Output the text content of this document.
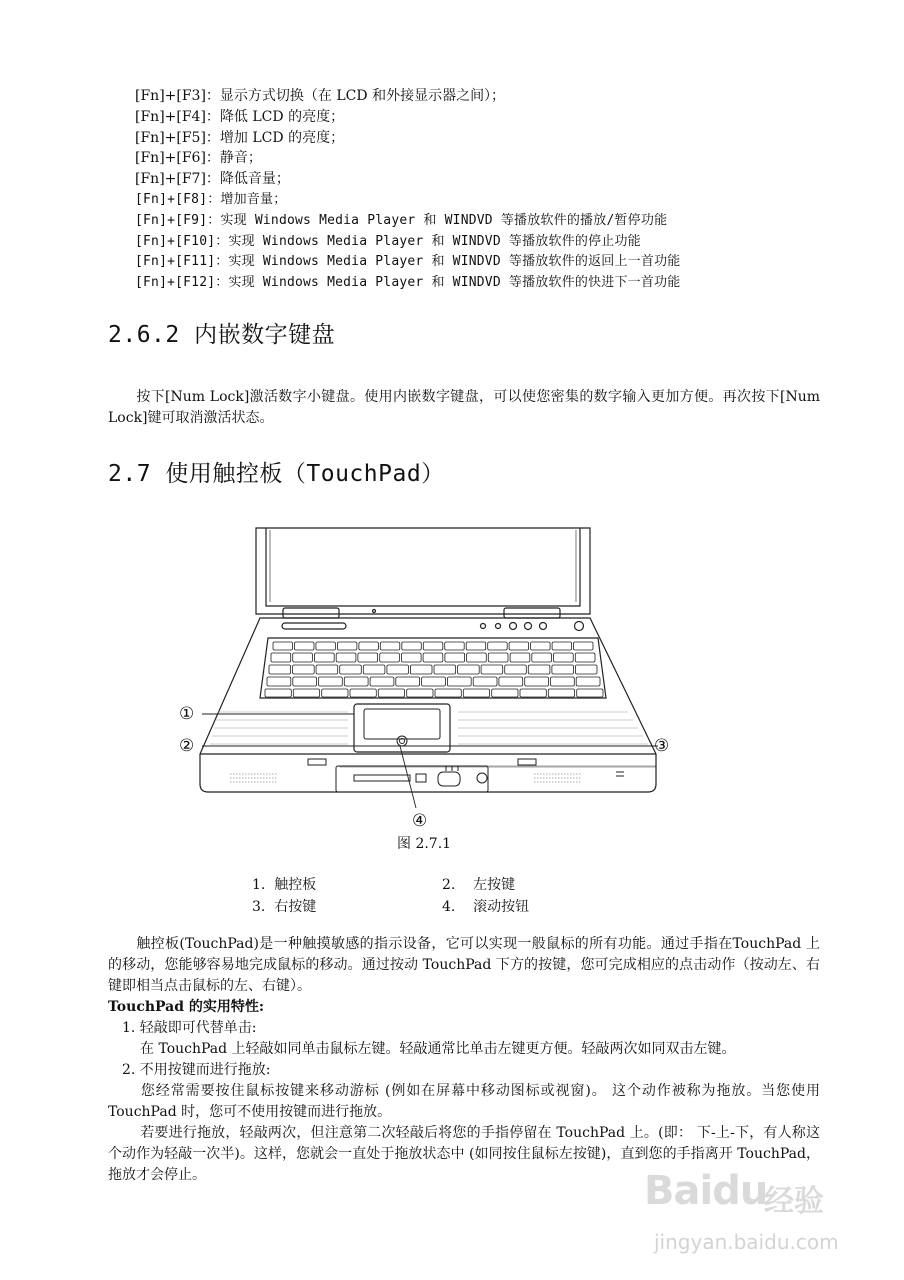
[Fn]+[F3]：显示方式切换（在 LCD 和外接显示器之间）；
[Fn]+[F4]：降低 LCD 的亮度；
[Fn]+[F5]：增加 LCD 的亮度；
[Fn]+[F6]：静音；
[Fn]+[F7]：降低音量；
[Fn]+[F8]：增加音量；
[Fn]+[F9]：实现 Windows Media Player 和 WINDVD 等播放软件的播放/暂停功能
[Fn]+[F10]：实现 Windows Media Player 和 WINDVD 等播放软件的停止功能
[Fn]+[F11]：实现 Windows Media Player 和 WINDVD 等播放软件的返回上一首功能
[Fn]+[F12]：实现 Windows Media Player 和 WINDVD 等播放软件的快进下一首功能
2.6.2 内嵌数字键盘
按下[Num Lock]激活数字小键盘。使用内嵌数字键盘，可以使您密集的数字输入更加方便。再次按下[Num Lock]键可取消激活状态。
2.7 使用触控板（TouchPad）
①
②	③
④
图 2.7.1
1. 触控板	2. 左按键
3. 右按键	4. 滚动按钮
触控板(TouchPad)是一种触摸敏感的指示设备，它可以实现一般鼠标的所有功能。通过手指在TouchPad 上的移动，您能够容易地完成鼠标的移动。通过按动 TouchPad 下方的按键，您可完成相应的点击动作（按动左、右键即相当点击鼠标的左、右键）。
TouchPad 的实用特性:
1. 轻敲即可代替单击:
在 TouchPad 上轻敲如同单击鼠标左键。轻敲通常比单击左键更方便。轻敲两次如同双击左键。
2. 不用按键而进行拖放:
您经常需要按住鼠标按键来移动游标 (例如在屏幕中移动图标或视窗)。 这个动作被称为拖放。当您使用 TouchPad 时，您可不使用按键而进行拖放。
若要进行拖放，轻敲两次，但注意第二次轻敲后将您的手指停留在 TouchPad 上。(即： 下-上-下，有人称这个动作为轻敲一次半)。这样，您就会一直处于拖放状态中 (如同按住鼠标左按键)，直到您的手指离开 TouchPad，拖放才会停止。	Baidu
经验
jingyan.baidu.com
